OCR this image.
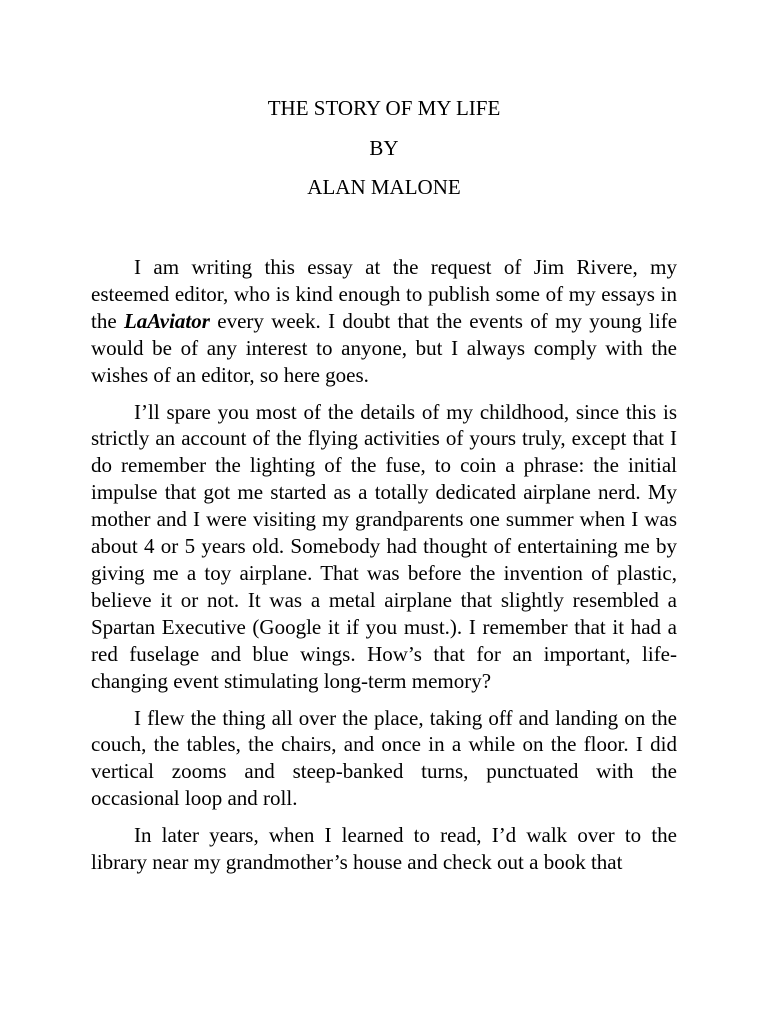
THE STORY OF MY LIFE
BY
ALAN MALONE

I am writing this essay at the request of Jim Rivere, my esteemed editor, who is kind enough to publish some of my essays in the LaAviator every week. I doubt that the events of my young life would be of any interest to anyone, but I always comply with the wishes of an editor, so here goes.

I’ll spare you most of the details of my childhood, since this is strictly an account of the flying activities of yours truly, except that I do remember the lighting of the fuse, to coin a phrase: the initial impulse that got me started as a totally dedicated airplane nerd. My mother and I were visiting my grandparents one summer when I was about 4 or 5 years old. Somebody had thought of entertaining me by giving me a toy airplane. That was before the invention of plastic, believe it or not. It was a metal airplane that slightly resembled a Spartan Executive (Google it if you must.). I remember that it had a red fuselage and blue wings. How’s that for an important, life-changing event stimulating long-term memory?

I flew the thing all over the place, taking off and landing on the couch, the tables, the chairs, and once in a while on the floor. I did vertical zooms and steep-banked turns, punctuated with the occasional loop and roll.

In later years, when I learned to read, I’d walk over to the library near my grandmother’s house and check out a book that
